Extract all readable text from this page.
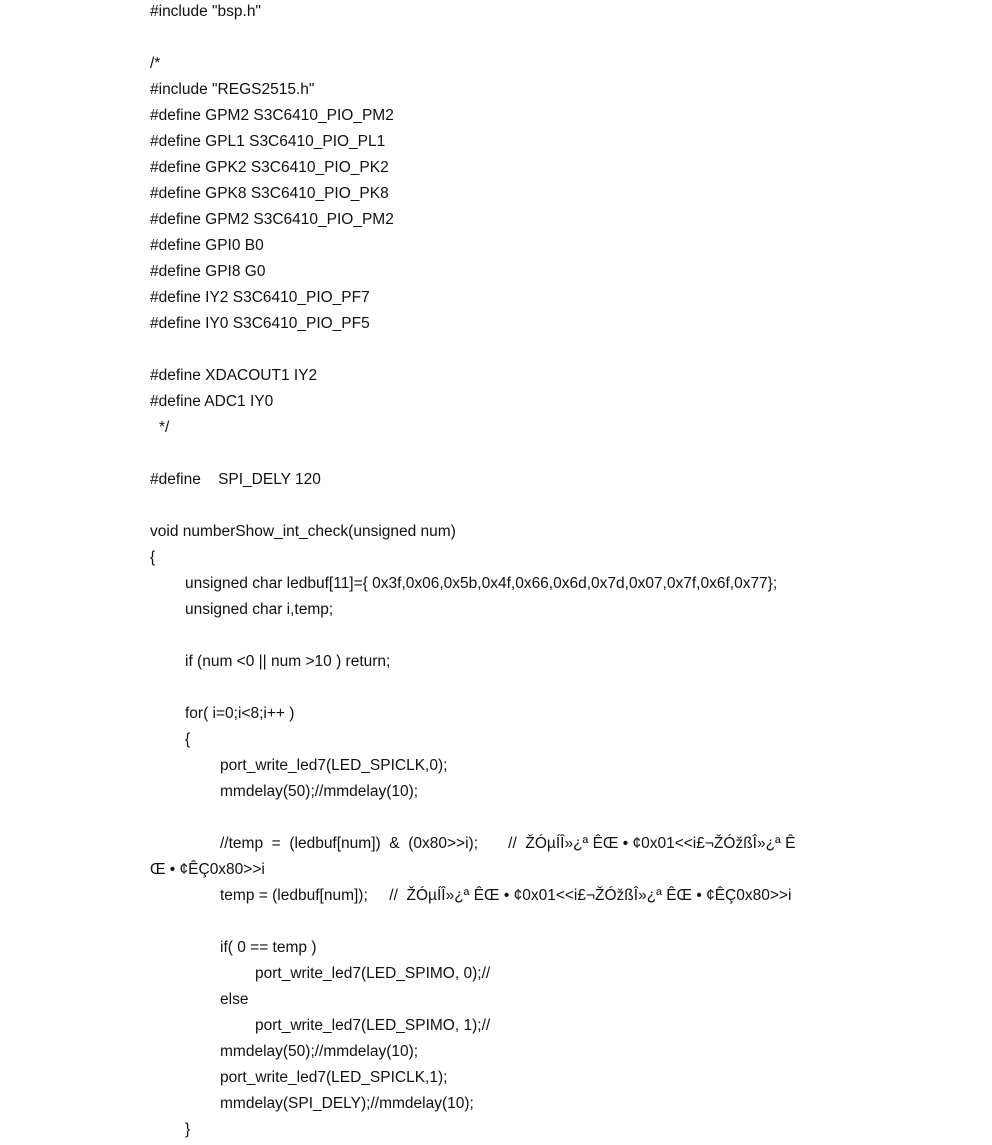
#include "bsp.h"
/*
#include "REGS2515.h"
#define GPM2 S3C6410_PIO_PM2
#define GPL1 S3C6410_PIO_PL1
#define GPK2 S3C6410_PIO_PK2
#define GPK8 S3C6410_PIO_PK8
#define GPM2 S3C6410_PIO_PM2
#define GPI0 B0
#define GPI8 G0
#define IY2 S3C6410_PIO_PF7
#define IY0 S3C6410_PIO_PF5
#define XDACOUT1 IY2
#define ADC1 IY0
*/
#define    SPI_DELY 120
void numberShow_int_check(unsigned num)
{
unsigned char ledbuf[11]={ 0x3f,0x06,0x5b,0x4f,0x66,0x6d,0x7d,0x07,0x7f,0x6f,0x77};
unsigned char i,temp;
if (num <0 || num >10 ) return;
for( i=0;i<8;i++ )
{
port_write_led7(LED_SPICLK,0);
mmdelay(50);//mmdelay(10);
//temp  =  (ledbuf[num])  &  (0x80>>i);       //  ŽÓµÍÎ»¿ª ÊŒ • ¢0x01<<i£¬ŽÓžßÎ»¿ª Ê
Œ • ¢ÊÇ0x80>>i
temp = (ledbuf[num]);     //  ŽÓµÍÎ»¿ª ÊŒ • ¢0x01<<i£¬ŽÓžßÎ»¿ª ÊŒ • ¢ÊÇ0x80>>i
if( 0 == temp )
port_write_led7(LED_SPIMO, 0);//
else
port_write_led7(LED_SPIMO, 1);//
mmdelay(50);//mmdelay(10);
port_write_led7(LED_SPICLK,1);
mmdelay(SPI_DELY);//mmdelay(10);
}
